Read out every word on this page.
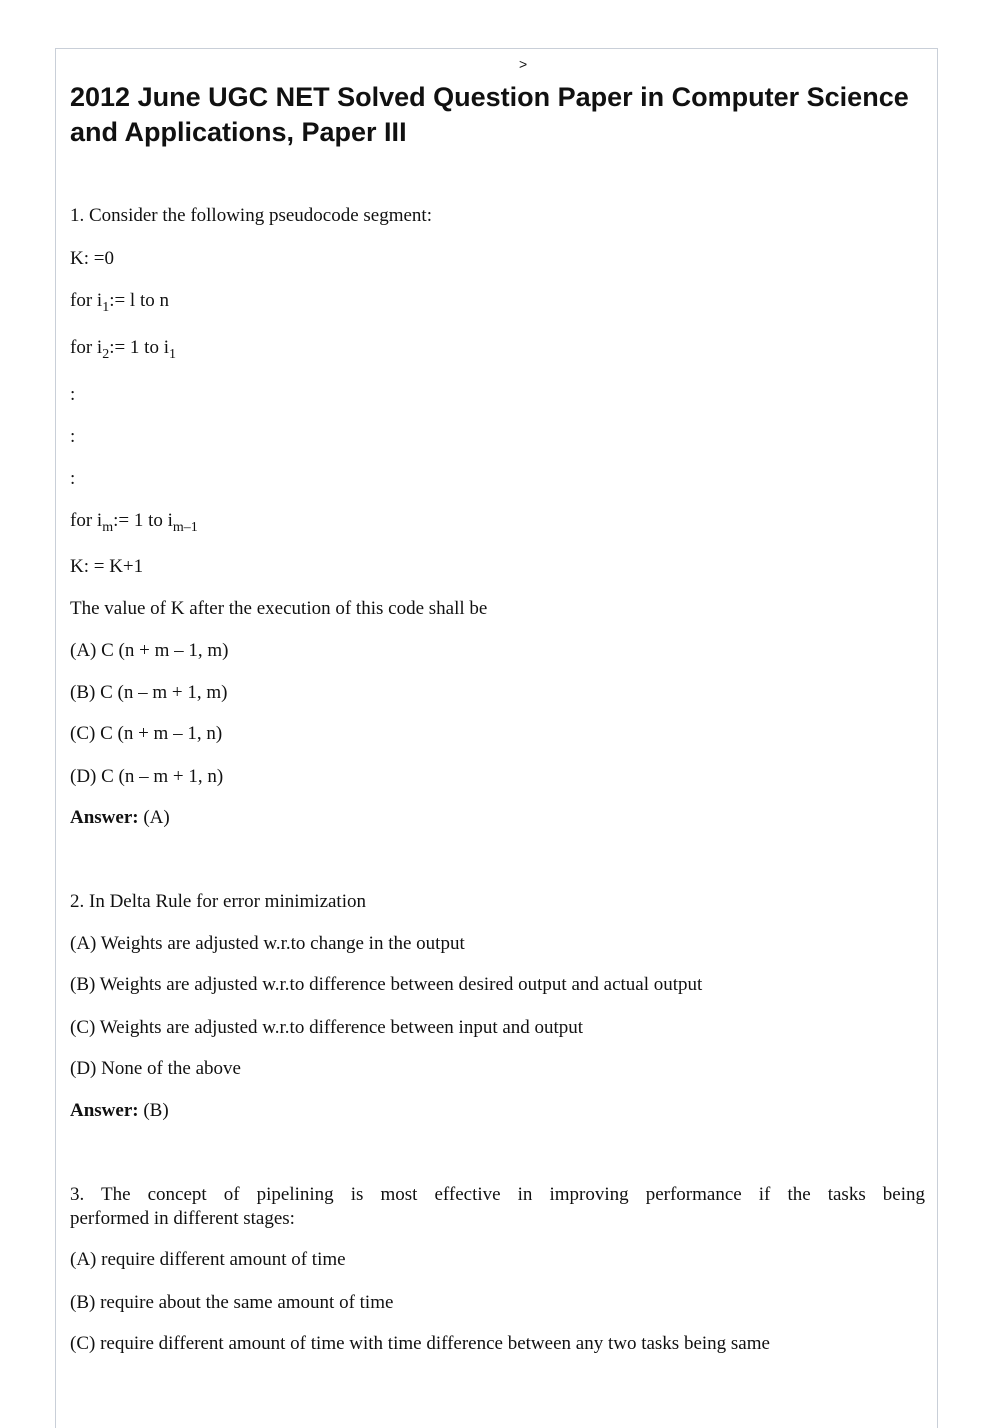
>
2012 June UGC NET Solved Question Paper in Computer Science and Applications, Paper III
1. Consider the following pseudocode segment:
K: =0
for $i_1:= l$ to n
for $i_2:= 1$ to $i_1$
:
:
:
for $i_m:= 1$ to $i_{m-1}$
K: = K+1
The value of K after the execution of this code shall be
(A) C (n + m – 1, m)
(B) C (n – m + 1, m)
(C) C (n + m – 1, n)
(D) C (n – m + 1, n)
Answer: (A)
2. In Delta Rule for error minimization
(A) Weights are adjusted w.r.to change in the output
(B) Weights are adjusted w.r.to difference between desired output and actual output
(C) Weights are adjusted w.r.to difference between input and output
(D) None of the above
Answer: (B)
3. The concept of pipelining is most effective in improving performance if the tasks being
performed in different stages:
(A) require different amount of time
(B) require about the same amount of time
(C) require different amount of time with time difference between any two tasks being same
